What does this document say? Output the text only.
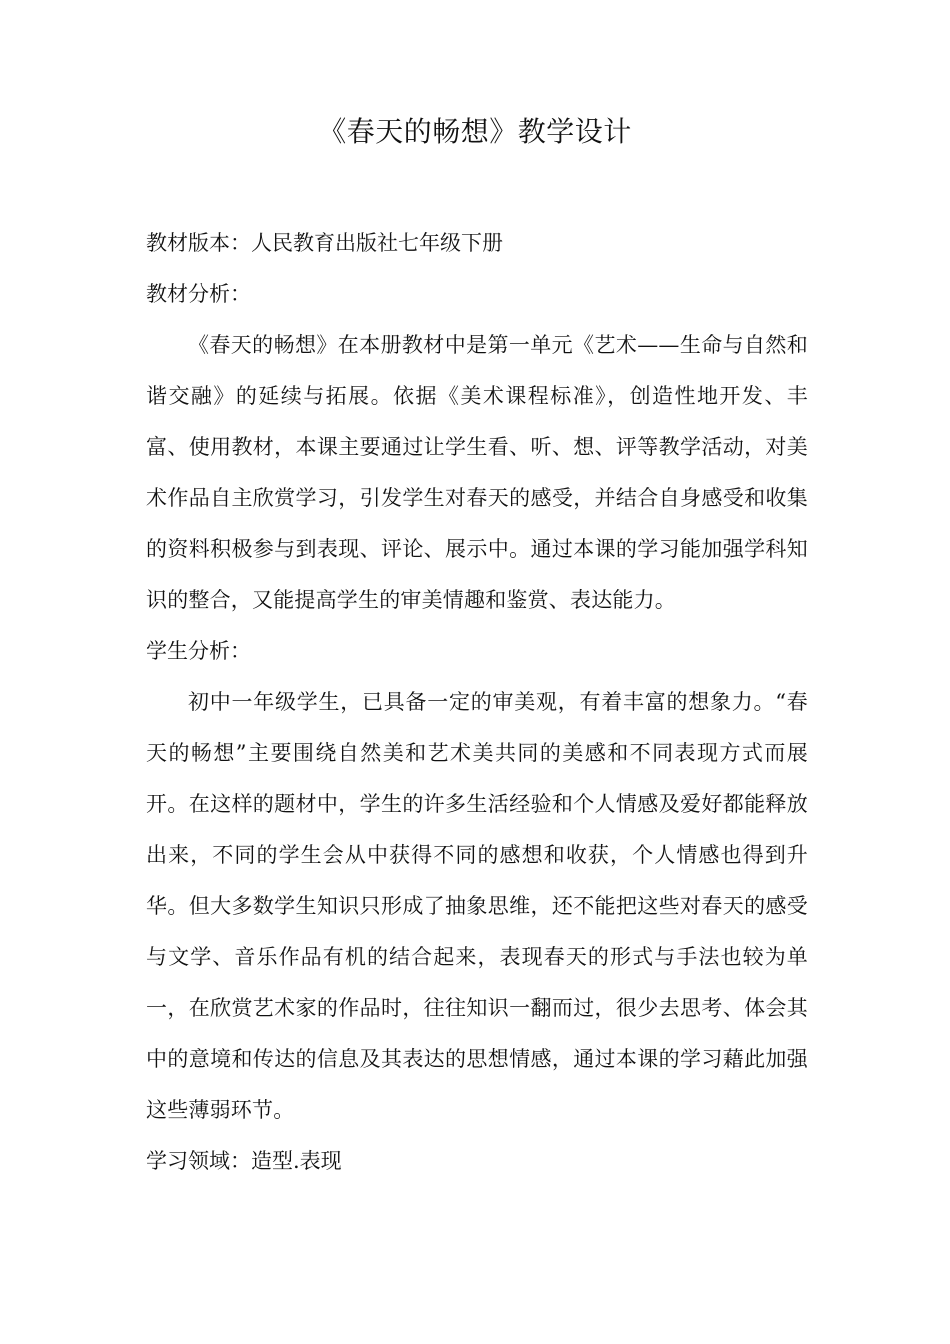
《春天的畅想》教学设计

教材版本：人民教育出版社七年级下册

教材分析：

《春天的畅想》在本册教材中是第一单元《艺术——生命与自然和谐交融》的延续与拓展。依据《美术课程标准》，创造性地开发、丰富、使用教材，本课主要通过让学生看、听、想、评等教学活动，对美术作品自主欣赏学习，引发学生对春天的感受，并结合自身感受和收集的资料积极参与到表现、评论、展示中。通过本课的学习能加强学科知识的整合，又能提高学生的审美情趣和鉴赏、表达能力。

学生分析：

初中一年级学生，已具备一定的审美观，有着丰富的想象力。“春天的畅想”主要围绕自然美和艺术美共同的美感和不同表现方式而展开。在这样的题材中，学生的许多生活经验和个人情感及爱好都能释放出来，不同的学生会从中获得不同的感想和收获，个人情感也得到升华。但大多数学生知识只形成了抽象思维，还不能把这些对春天的感受与文学、音乐作品有机的结合起来，表现春天的形式与手法也较为单一，在欣赏艺术家的作品时，往往知识一翻而过，很少去思考、体会其中的意境和传达的信息及其表达的思想情感，通过本课的学习藉此加强这些薄弱环节。

学习领域：造型.表现
